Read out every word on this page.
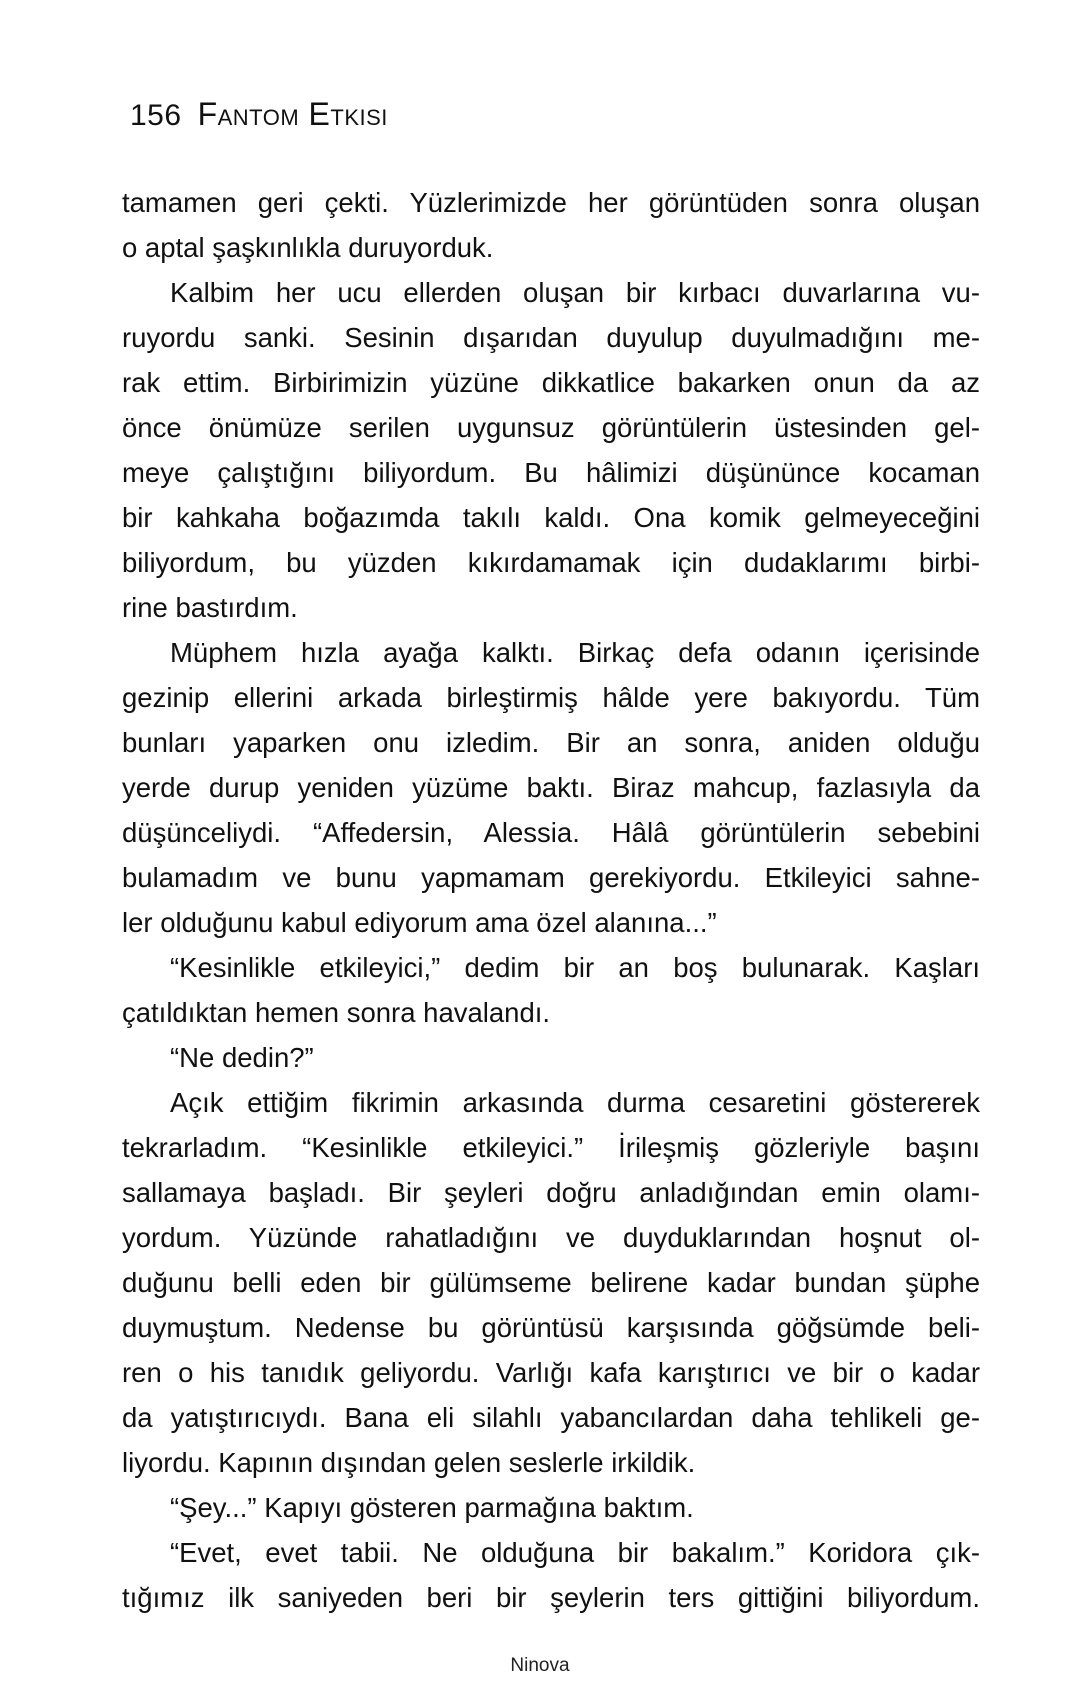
156 Fantom Etkisi
tamamen geri çekti. Yüzlerimizde her görüntüden sonra oluşan
o aptal şaşkınlıkla duruyorduk.
Kalbim her ucu ellerden oluşan bir kırbacı duvarlarına vu-
ruyordu sanki. Sesinin dışarıdan duyulup duyulmadığını me-
rak ettim. Birbirimizin yüzüne dikkatlice bakarken onun da az
önce önümüze serilen uygunsuz görüntülerin üstesinden gel-
meye çalıştığını biliyordum. Bu hâlimizi düşününce kocaman
bir kahkaha boğazımda takılı kaldı. Ona komik gelmeyeceğini
biliyordum, bu yüzden kıkırdamamak için dudaklarımı birbi-
rine bastırdım.
Müphem hızla ayağa kalktı. Birkaç defa odanın içerisinde
gezinip ellerini arkada birleştirmiş hâlde yere bakıyordu. Tüm
bunları yaparken onu izledim. Bir an sonra, aniden olduğu
yerde durup yeniden yüzüme baktı. Biraz mahcup, fazlasıyla da
düşünceliydi. “Affedersin, Alessia. Hâlâ görüntülerin sebebini
bulamadım ve bunu yapmamam gerekiyordu. Etkileyici sahne-
ler olduğunu kabul ediyorum ama özel alanına...”
“Kesinlikle etkileyici,” dedim bir an boş bulunarak. Kaşları
çatıldıktan hemen sonra havalandı.
“Ne dedin?”
Açık ettiğim fikrimin arkasında durma cesaretini göstererek
tekrarladım. “Kesinlikle etkileyici.” İrileşmiş gözleriyle başını
sallamaya başladı. Bir şeyleri doğru anladığından emin olamı-
yordum. Yüzünde rahatladığını ve duyduklarından hoşnut ol-
duğunu belli eden bir gülümseme belirene kadar bundan şüphe
duymuştum. Nedense bu görüntüsü karşısında göğsümde beli-
ren o his tanıdık geliyordu. Varlığı kafa karıştırıcı ve bir o kadar
da yatıştırıcıydı. Bana eli silahlı yabancılardan daha tehlikeli ge-
liyordu. Kapının dışından gelen seslerle irkildik.
“Şey...” Kapıyı gösteren parmağına baktım.
“Evet, evet tabii. Ne olduğuna bir bakalım.” Koridora çık-
tığımız ilk saniyeden beri bir şeylerin ters gittiğini biliyordum.
Ninova
